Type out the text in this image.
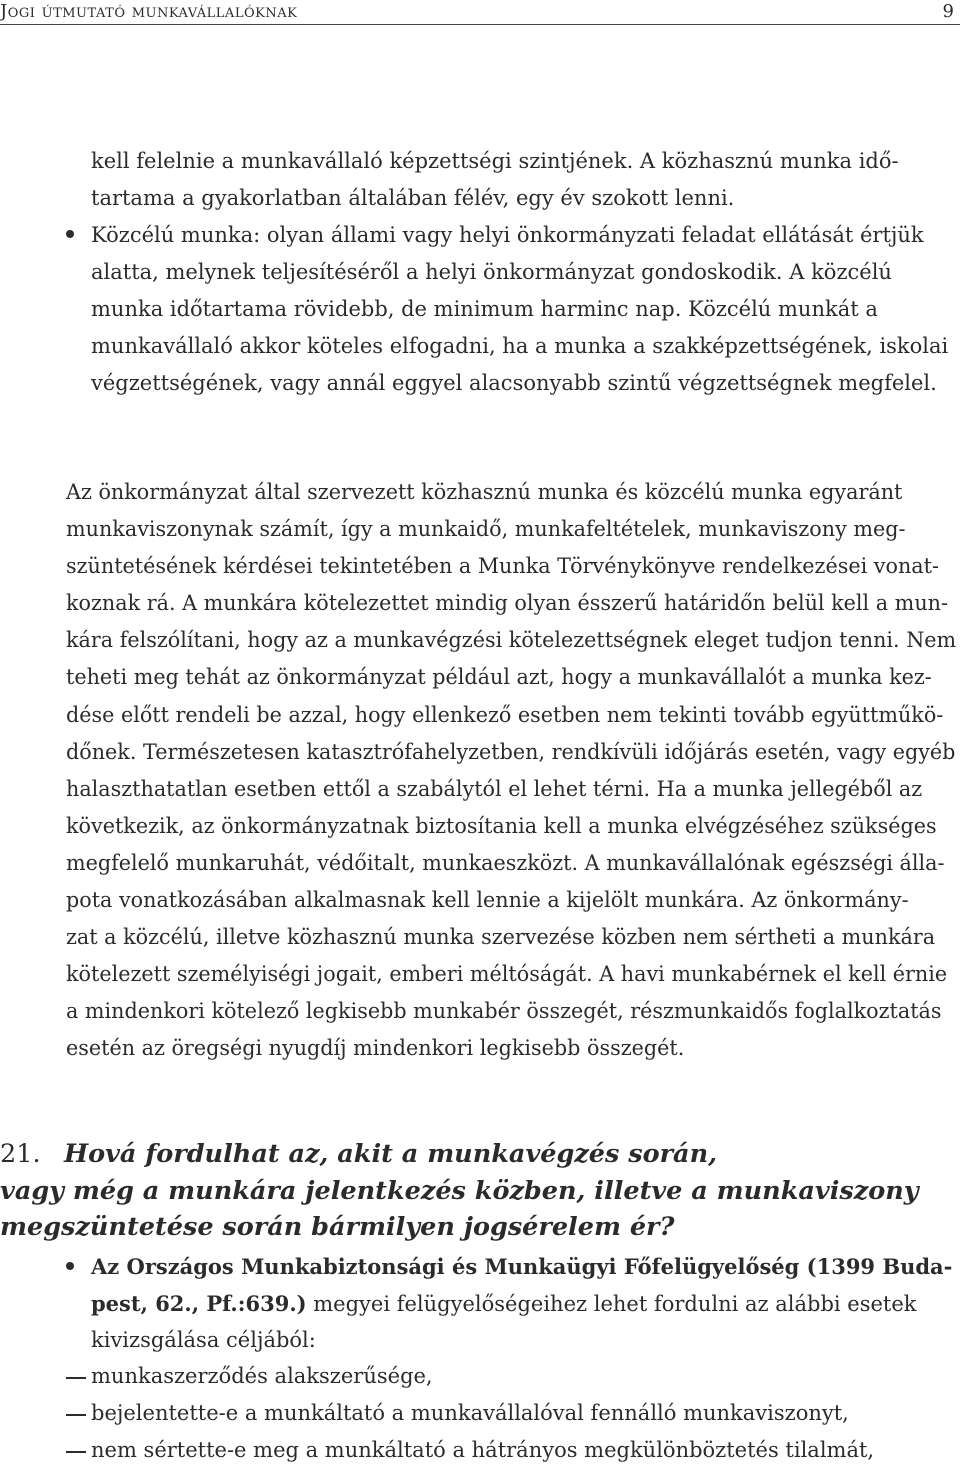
Jogi útmutató munkavállalóknak	9
kell felelnie a munkavállaló képzettségi szintjének. A közhasznú munka idő-
tartama a gyakorlatban általában félév, egy év szokott lenni.
Közcélú munka: olyan állami vagy helyi önkormányzati feladat ellátását értjük
alatta, melynek teljesítéséről a helyi önkormányzat gondoskodik. A közcélú
munka időtartama rövidebb, de minimum harminc nap. Közcélú munkát a
munkavállaló akkor köteles elfogadni, ha a munka a szakképzettségének, iskolai
végzettségének, vagy annál eggyel alacsonyabb szintű végzettségnek megfelel.
Az önkormányzat által szervezett közhasznú munka és közcélú munka egyaránt
munkaviszonynak számít, így a munkaidő, munkafeltételek, munkaviszony meg-
szüntetésének kérdései tekintetében a Munka Törvénykönyve rendelkezései vonat-
koznak rá. A munkára kötelezettet mindig olyan ésszerű határidőn belül kell a mun-
kára felszólítani, hogy az a munkavégzési kötelezettségnek eleget tudjon tenni. Nem
teheti meg tehát az önkormányzat például azt, hogy a munkavállalót a munka kez-
dése előtt rendeli be azzal, hogy ellenkező esetben nem tekinti tovább együttműkö-
dőnek. Természetesen katasztrófahelyzetben, rendkívüli időjárás esetén, vagy egyéb
halaszthatatlan esetben ettől a szabálytól el lehet térni. Ha a munka jellegéből az
következik, az önkormányzatnak biztosítania kell a munka elvégzéséhez szükséges
megfelelő munkaruhát, védőitalt, munkaeszközt. A munkavállalónak egészségi álla-
pota vonatkozásában alkalmasnak kell lennie a kijelölt munkára. Az önkormány-
zat a közcélú, illetve közhasznú munka szervezése közben nem sértheti a munkára
kötelezett személyiségi jogait, emberi méltóságát. A havi munkabérnek el kell érnie
a mindenkori kötelező legkisebb munkabér összegét, részmunkaidős foglalkoztatás
esetén az öregségi nyugdíj mindenkori legkisebb összegét.
21. Hová fordulhat az, akit a munkavégzés során,
vagy még a munkára jelentkezés közben, illetve a munkaviszony
megszüntetése során bármilyen jogsérelem ér?
Az Országos Munkabiztonsági és Munkaügyi Főfelügyelőség (1399 Buda-
pest, 62., Pf.:639.) megyei felügyelőségeihez lehet fordulni az alábbi esetek
kivizsgálása céljából:
munkaszerződés alakszerűsége,
bejelentette-e a munkáltató a munkavállalóval fennálló munkaviszonyt,
nem sértette-e meg a munkáltató a hátrányos megkülönböztetés tilalmát,
